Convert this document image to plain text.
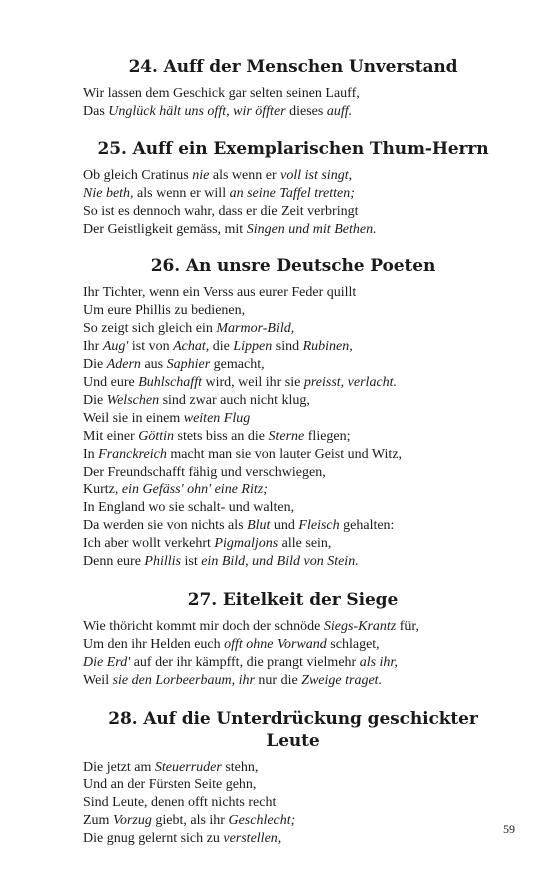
24. Auff der Menschen Unverstand
Wir lassen dem Geschick gar selten seinen Lauff,
Das Unglück hält uns offt, wir öffter dieses auff.
25. Auff ein Exemplarischen Thum-Herrn
Ob gleich Cratinus nie als wenn er voll ist singt,
Nie beth, als wenn er will an seine Taffel tretten;
So ist es dennoch wahr, dass er die Zeit verbringt
Der Geistligkeit gemäss, mit Singen und mit Bethen.
26. An unsre Deutsche Poeten
Ihr Tichter, wenn ein Verss aus eurer Feder quillt
Um eure Phillis zu bedienen,
So zeigt sich gleich ein Marmor-Bild,
Ihr Aug' ist von Achat, die Lippen sind Rubinen,
Die Adern aus Saphier gemacht,
Und eure Buhlschafft wird, weil ihr sie preisst, verlacht.
Die Welschen sind zwar auch nicht klug,
Weil sie in einem weiten Flug
Mit einer Göttin stets biss an die Sterne fliegen;
In Franckreich macht man sie von lauter Geist und Witz,
Der Freundschafft fähig und verschwiegen,
Kurtz, ein Gefäss' ohn' eine Ritz;
In England wo sie schalt- und walten,
Da werden sie von nichts als Blut und Fleisch gehalten:
Ich aber wollt verkehrt Pigmaljons alle sein,
Denn eure Phillis ist ein Bild, und Bild von Stein.
27. Eitelkeit der Siege
Wie thöricht kommt mir doch der schnöde Siegs-Krantz für,
Um den ihr Helden euch offt ohne Vorwand schlaget,
Die Erd' auf der ihr kämpfft, die prangt vielmehr als ihr,
Weil sie den Lorbeerbaum, ihr nur die Zweige traget.
28. Auf die Unterdrückung geschickter Leute
Die jetzt am Steuerruder stehn,
Und an der Fürsten Seite gehn,
Sind Leute, denen offt nichts recht
Zum Vorzug giebt, als ihr Geschlecht;
Die gnug gelernt sich zu verstellen,
59
